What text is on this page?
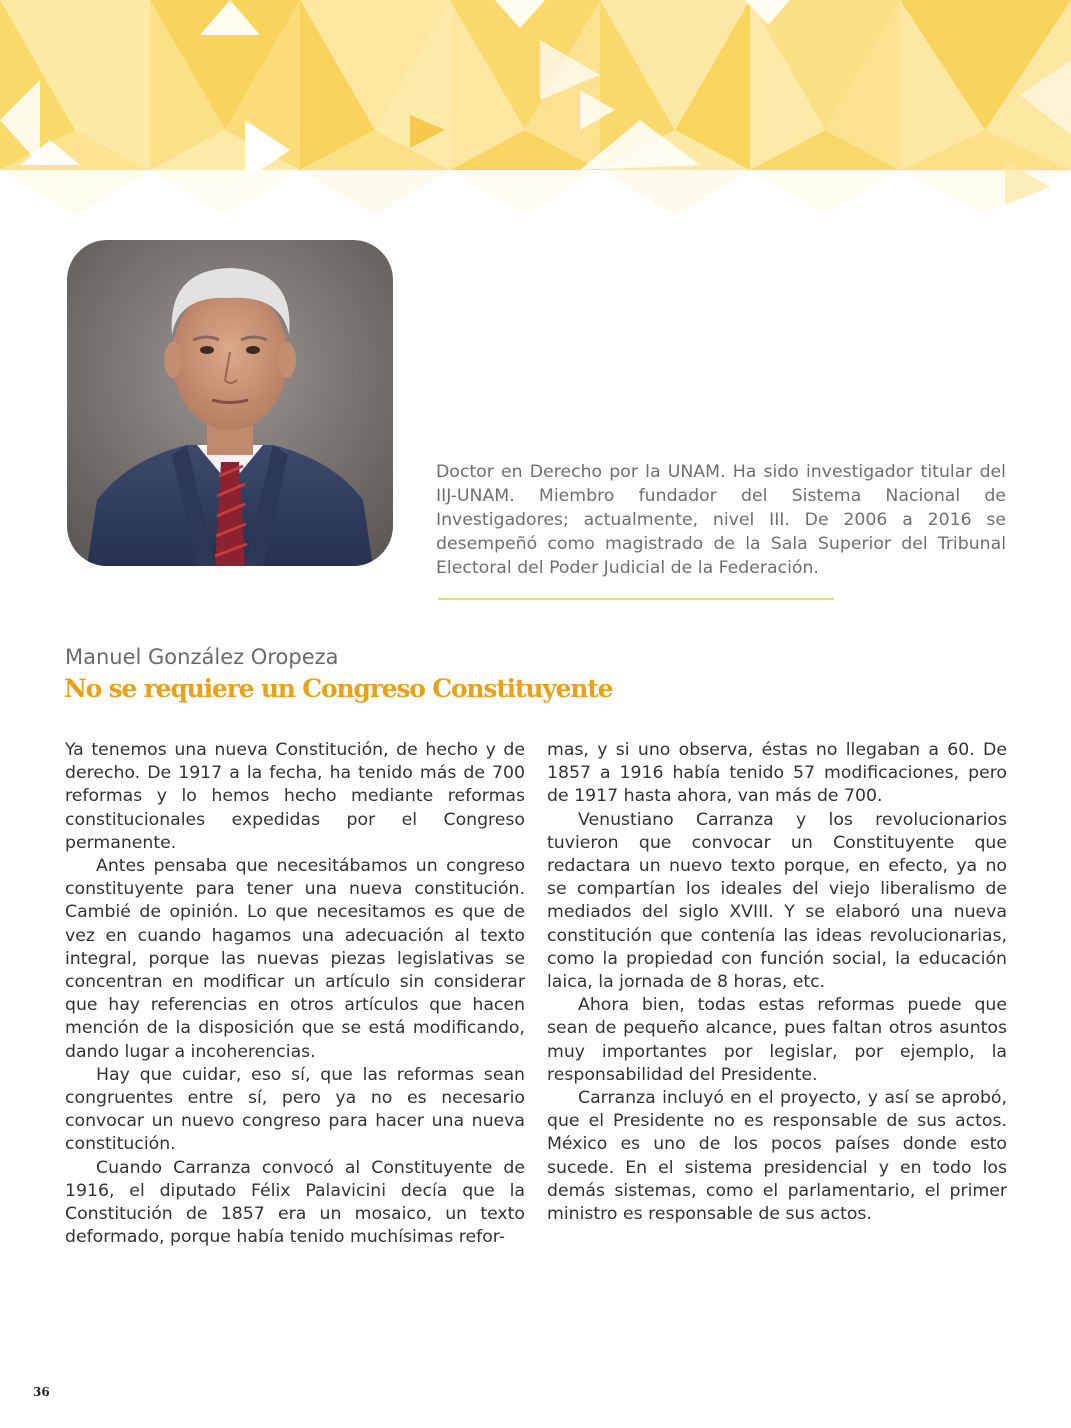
Doctor en Derecho por la UNAM. Ha sido investigador titular del IIJ-UNAM. Miembro fundador del Sistema Nacional de Investigadores; actualmente, nivel III. De 2006 a 2016 se desempeñó como magistrado de la Sala Superior del Tribunal Electoral del Poder Judicial de la Federación.

Manuel González Oropeza
No se requiere un Congreso Constituyente

Ya tenemos una nueva Constitución, de hecho y de derecho. De 1917 a la fecha, ha tenido más de 700 reformas y lo hemos hecho mediante reformas constitucionales expedidas por el Congreso permanente.

Antes pensaba que necesitábamos un congreso constituyente para tener una nueva constitución. Cambié de opinión. Lo que necesitamos es que de vez en cuando hagamos una adecuación al texto integral, porque las nuevas piezas legislativas se concentran en modificar un artículo sin considerar que hay referencias en otros artículos que hacen mención de la disposición que se está modificando, dando lugar a incoherencias.

Hay que cuidar, eso sí, que las reformas sean congruentes entre sí, pero ya no es necesario convocar un nuevo congreso para hacer una nueva constitución.

Cuando Carranza convocó al Constituyente de 1916, el diputado Félix Palavicini decía que la Constitución de 1857 era un mosaico, un texto deformado, porque había tenido muchísimas refor-

mas, y si uno observa, éstas no llegaban a 60. De 1857 a 1916 había tenido 57 modificaciones, pero de 1917 hasta ahora, van más de 700.

Venustiano Carranza y los revolucionarios tuvieron que convocar un Constituyente que redactara un nuevo texto porque, en efecto, ya no se compartían los ideales del viejo liberalismo de mediados del siglo XVIII. Y se elaboró una nueva constitución que contenía las ideas revolucionarias, como la propiedad con función social, la educación laica, la jornada de 8 horas, etc.

Ahora bien, todas estas reformas puede que sean de pequeño alcance, pues faltan otros asuntos muy importantes por legislar, por ejemplo, la responsabilidad del Presidente.

Carranza incluyó en el proyecto, y así se aprobó, que el Presidente no es responsable de sus actos. México es uno de los pocos países donde esto sucede. En el sistema presidencial y en todo los demás sistemas, como el parlamentario, el primer ministro es responsable de sus actos.

36
